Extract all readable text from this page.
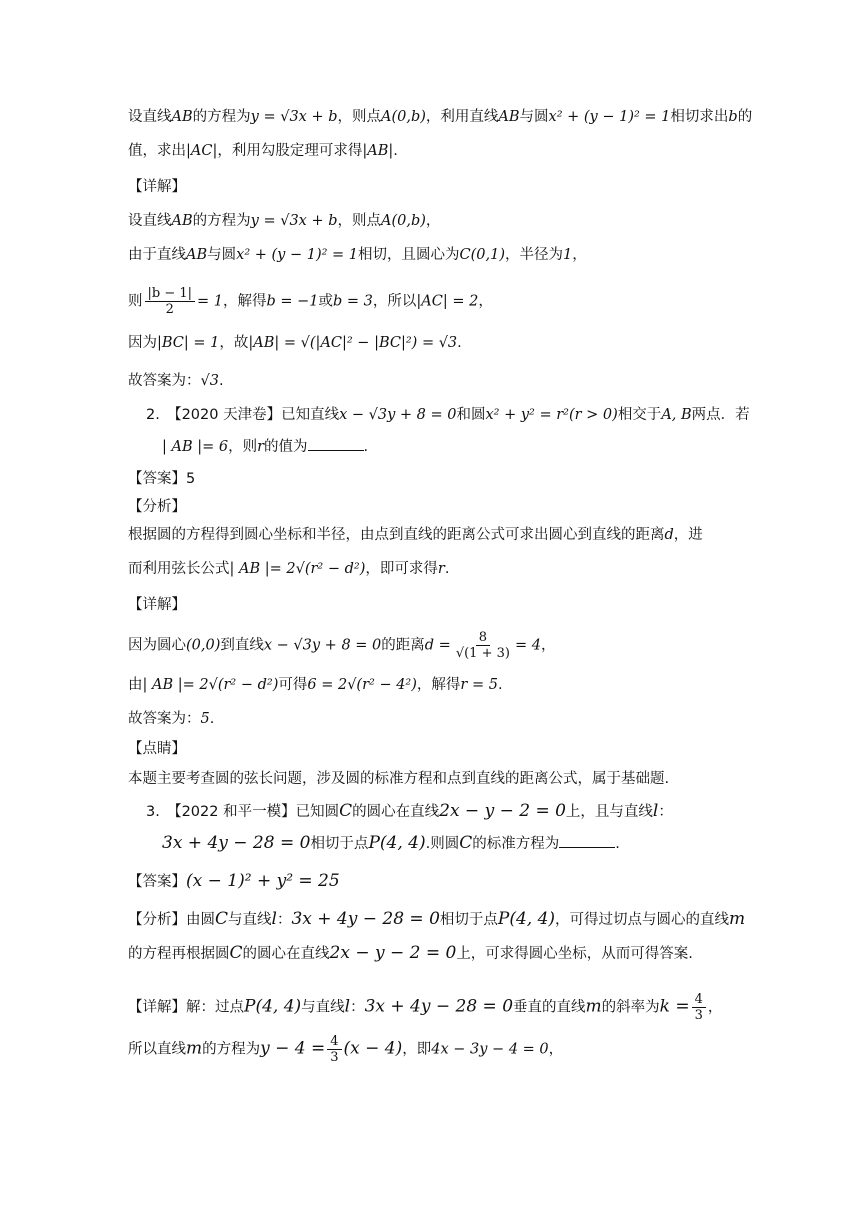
设直线AB的方程为y = √3x + b，则点A(0,b)，利用直线AB与圆x² + (y − 1)² = 1相切求出b的
值，求出|AC|，利用勾股定理可求得|AB|.
【详解】
设直线AB的方程为y = √3x + b，则点A(0,b)，
由于直线AB与圆x² + (y − 1)² = 1相切，且圆心为C(0,1)，半径为1，
则 $\frac{|b - 1|}{2} = 1$，解得b = −1或b = 3，所以|AC| = 2，
因为|BC| = 1，故|AB| = √(|AC|² − |BC|²) = √3.
故答案为：√3.
2.　【2020 天津卷】已知直线x − √3y + 8 = 0和圆x² + y² = r²(r > 0)相交于A, B两点．若
| AB |= 6，则r的值为	.
【答案】5
【分析】
根据圆的方程得到圆心坐标和半径，由点到直线的距离公式可求出圆心到直线的距离d，进
而利用弦长公式| AB |= 2√(r² − d²)，即可求得r.
【详解】
因为圆心(0,0)到直线x − √3y + 8 = 0的距离$d = \frac{8}{√(1 + 3)} = 4$，
由| AB |= 2√(r² − d²)可得6 = 2√(r² − 4²)，解得r = 5.
故答案为：5.
【点睛】
本题主要考查圆的弦长问题，涉及圆的标准方程和点到直线的距离公式，属于基础题.
3.　【2022 和平一模】已知圆C的圆心在直线2x − y − 2 = 0上，且与直线l：
3x + 4y − 28 = 0相切于点P(4, 4).则圆C的标准方程为	.
【答案】(x − 1)² + y² = 25
【分析】由圆C与直线l：3x + 4y − 28 = 0相切于点P(4, 4)，可得过切点与圆心的直线m
的方程再根据圆C的圆心在直线2x − y − 2 = 0上，可求得圆心坐标，从而可得答案.
【详解】解：过点P(4, 4)与直线l：3x + 4y − 28 = 0垂直的直线m的斜率为$k = \frac{4}{3}$ ，
所以直线m的方程为$y - 4 = \frac{4}{3} (x - 4)$，即4x − 3y − 4 = 0，
